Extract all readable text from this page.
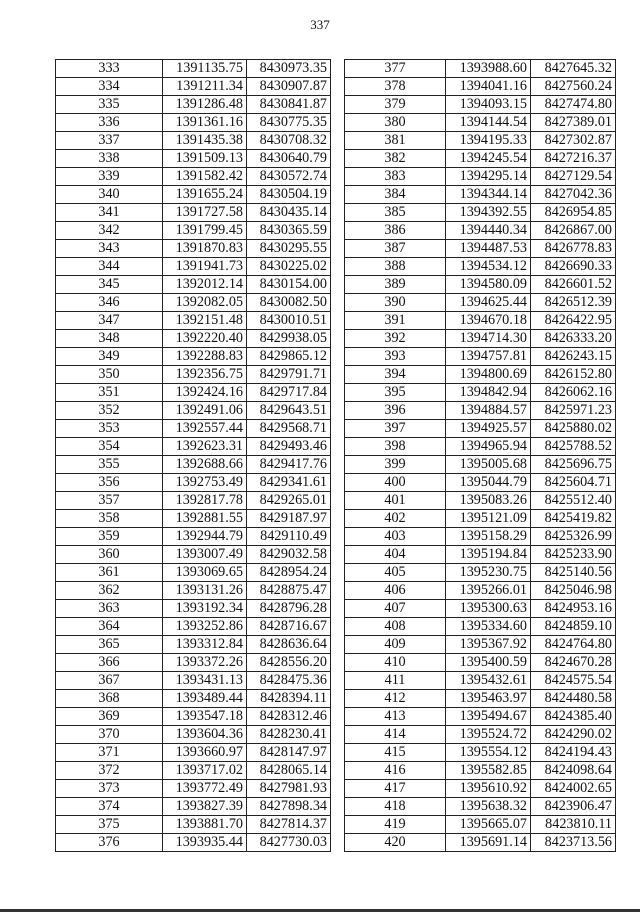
337
333	1391135.75	8430973.35
334	1391211.34	8430907.87
335	1391286.48	8430841.87
336	1391361.16	8430775.35
337	1391435.38	8430708.32
338	1391509.13	8430640.79
339	1391582.42	8430572.74
340	1391655.24	8430504.19
341	1391727.58	8430435.14
342	1391799.45	8430365.59
343	1391870.83	8430295.55
344	1391941.73	8430225.02
345	1392012.14	8430154.00
346	1392082.05	8430082.50
347	1392151.48	8430010.51
348	1392220.40	8429938.05
349	1392288.83	8429865.12
350	1392356.75	8429791.71
351	1392424.16	8429717.84
352	1392491.06	8429643.51
353	1392557.44	8429568.71
354	1392623.31	8429493.46
355	1392688.66	8429417.76
356	1392753.49	8429341.61
357	1392817.78	8429265.01
358	1392881.55	8429187.97
359	1392944.79	8429110.49
360	1393007.49	8429032.58
361	1393069.65	8428954.24
362	1393131.26	8428875.47
363	1393192.34	8428796.28
364	1393252.86	8428716.67
365	1393312.84	8428636.64
366	1393372.26	8428556.20
367	1393431.13	8428475.36
368	1393489.44	8428394.11
369	1393547.18	8428312.46
370	1393604.36	8428230.41
371	1393660.97	8428147.97
372	1393717.02	8428065.14
373	1393772.49	8427981.93
374	1393827.39	8427898.34
375	1393881.70	8427814.37
376	1393935.44	8427730.03
377	1393988.60	8427645.32
378	1394041.16	8427560.24
379	1394093.15	8427474.80
380	1394144.54	8427389.01
381	1394195.33	8427302.87
382	1394245.54	8427216.37
383	1394295.14	8427129.54
384	1394344.14	8427042.36
385	1394392.55	8426954.85
386	1394440.34	8426867.00
387	1394487.53	8426778.83
388	1394534.12	8426690.33
389	1394580.09	8426601.52
390	1394625.44	8426512.39
391	1394670.18	8426422.95
392	1394714.30	8426333.20
393	1394757.81	8426243.15
394	1394800.69	8426152.80
395	1394842.94	8426062.16
396	1394884.57	8425971.23
397	1394925.57	8425880.02
398	1394965.94	8425788.52
399	1395005.68	8425696.75
400	1395044.79	8425604.71
401	1395083.26	8425512.40
402	1395121.09	8425419.82
403	1395158.29	8425326.99
404	1395194.84	8425233.90
405	1395230.75	8425140.56
406	1395266.01	8425046.98
407	1395300.63	8424953.16
408	1395334.60	8424859.10
409	1395367.92	8424764.80
410	1395400.59	8424670.28
411	1395432.61	8424575.54
412	1395463.97	8424480.58
413	1395494.67	8424385.40
414	1395524.72	8424290.02
415	1395554.12	8424194.43
416	1395582.85	8424098.64
417	1395610.92	8424002.65
418	1395638.32	8423906.47
419	1395665.07	8423810.11
420	1395691.14	8423713.56
